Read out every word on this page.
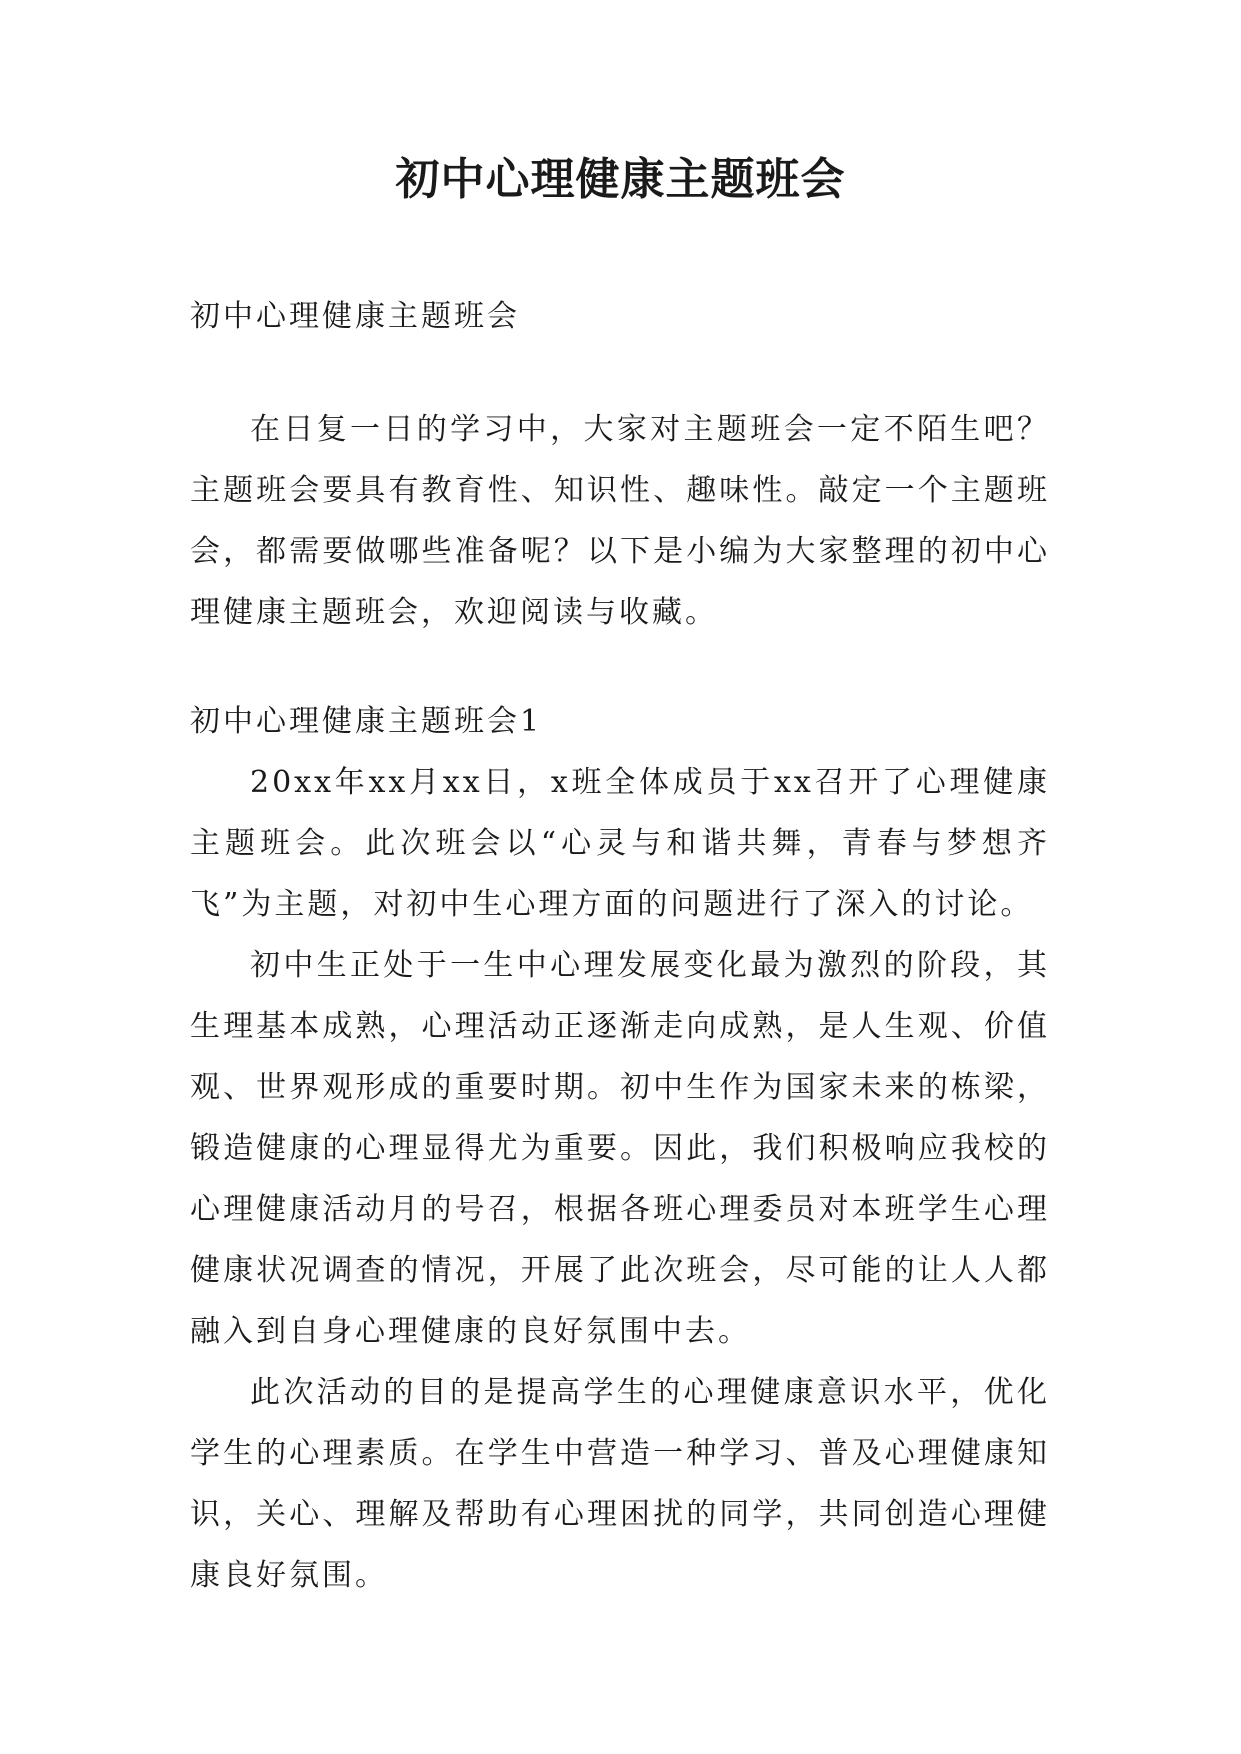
初中心理健康主题班会

初中心理健康主题班会

在日复一日的学习中，大家对主题班会一定不陌生吧？主题班会要具有教育性、知识性、趣味性。敲定一个主题班会，都需要做哪些准备呢？以下是小编为大家整理的初中心理健康主题班会，欢迎阅读与收藏。

初中心理健康主题班会1

20xx年xx月xx日，x班全体成员于xx召开了心理健康主题班会。此次班会以“心灵与和谐共舞，青春与梦想齐飞”为主题，对初中生心理方面的问题进行了深入的讨论。

初中生正处于一生中心理发展变化最为激烈的阶段，其生理基本成熟，心理活动正逐渐走向成熟，是人生观、价值观、世界观形成的重要时期。初中生作为国家未来的栋梁，锻造健康的心理显得尤为重要。因此，我们积极响应我校的心理健康活动月的号召，根据各班心理委员对本班学生心理健康状况调查的情况，开展了此次班会，尽可能的让人人都融入到自身心理健康的良好氛围中去。

此次活动的目的是提高学生的心理健康意识水平，优化学生的心理素质。在学生中营造一种学习、普及心理健康知识，关心、理解及帮助有心理困扰的同学，共同创造心理健康良好氛围。
